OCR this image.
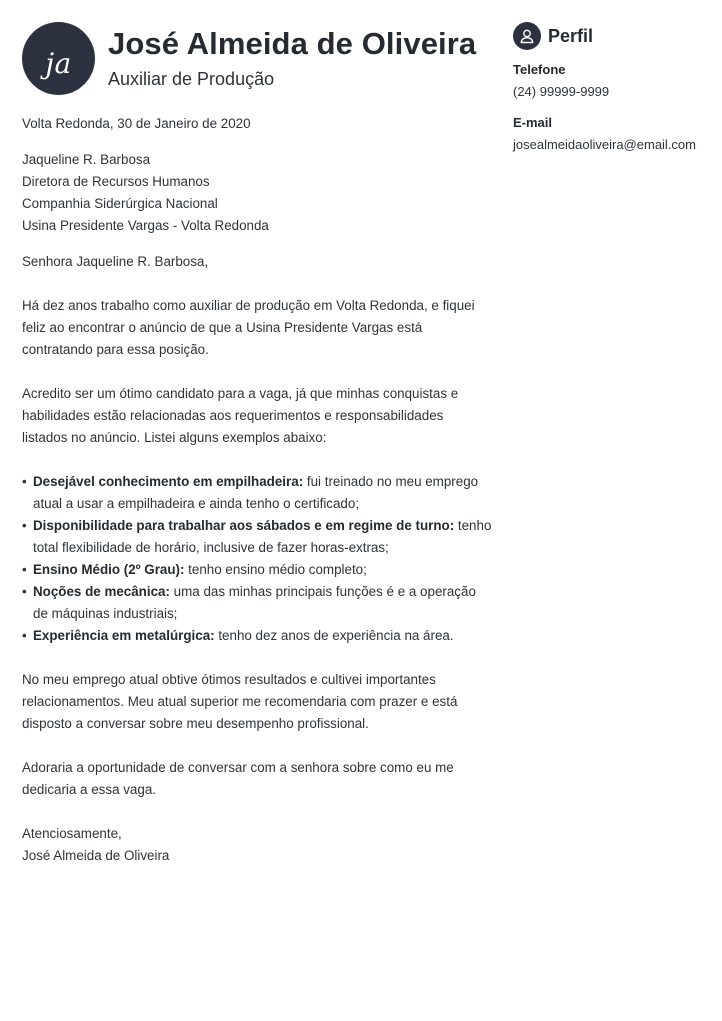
ja
José Almeida de Oliveira
Auxiliar de Produção
Perfil
Telefone
(24) 99999-9999
E-mail
josealmeidaoliveira@email.com

Volta Redonda, 30 de Janeiro de 2020

Jaqueline R. Barbosa

Diretora de Recursos Humanos

Companhia Siderúrgica Nacional

Usina Presidente Vargas - Volta Redonda

Senhora Jaqueline R. Barbosa,

Há dez anos trabalho como auxiliar de produção em Volta Redonda, e fiquei feliz ao encontrar o anúncio de que a Usina Presidente Vargas está contratando para essa posição.

Acredito ser um ótimo candidato para a vaga, já que minhas conquistas e habilidades estão relacionadas aos requerimentos e responsabilidades listados no anúncio. Listei alguns exemplos abaixo:

• Desejável conhecimento em empilhadeira: fui treinado no meu emprego atual a usar a empilhadeira e ainda tenho o certificado;
• Disponibilidade para trabalhar aos sábados e em regime de turno: tenho total flexibilidade de horário, inclusive de fazer horas-extras;
• Ensino Médio (2º Grau): tenho ensino médio completo;
• Noções de mecânica: uma das minhas principais funções é e a operação de máquinas industriais;
• Experiência em metalúrgica: tenho dez anos de experiência na área.

No meu emprego atual obtive ótimos resultados e cultivei importantes relacionamentos. Meu atual superior me recomendaria com prazer e está disposto a conversar sobre meu desempenho profissional.

Adoraria a oportunidade de conversar com a senhora sobre como eu me dedicaria a essa vaga.

Atenciosamente,

José Almeida de Oliveira
